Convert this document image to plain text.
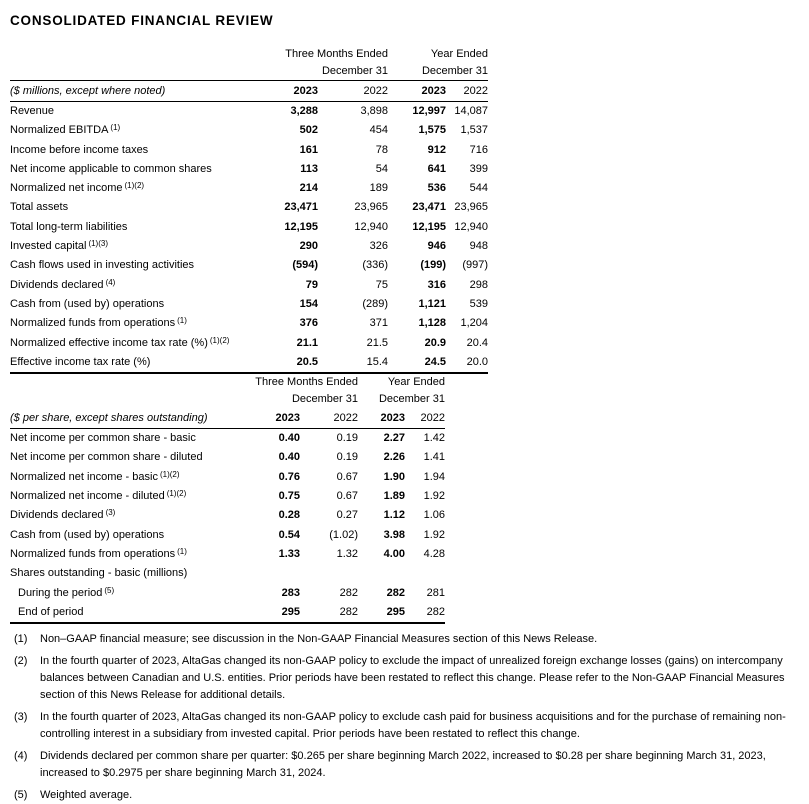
CONSOLIDATED FINANCIAL REVIEW
	Three Months Ended		Year Ended	
	December 31		December 31	
($ millions, except where noted)	2023	2022	2023	2022
Revenue	3,288	3,898	12,997	14,087
Normalized EBITDA $^{(1)}$	502	454	1,575	1,537
Income before income taxes	161	78	912	716
Net income applicable to common shares	113	54	641	399
Normalized net income $^{(1)(2)}$	214	189	536	544
Total assets	23,471	23,965	23,471	23,965
Total long-term liabilities	12,195	12,940	12,195	12,940
Invested capital $^{(1)(3)}$	290	326	946	948
Cash flows used in investing activities	(594)	(336)	(199)	(997)
Dividends declared $^{(4)}$	79	75	316	298
Cash from (used by) operations	154	(289)	1,121	539
Normalized funds from operations $^{(1)}$	376	371	1,128	1,204
Normalized effective income tax rate (%) $^{(1)(2)}$	21.1	21.5	20.9	20.4
Effective income tax rate (%)	20.5	15.4	24.5	20.0
	Three Months Ended		Year Ended	
	December 31		December 31	
($ per share, except shares outstanding)	2023	2022	2023	2022
Net income per common share - basic	0.40	0.19	2.27	1.42
Net income per common share - diluted	0.40	0.19	2.26	1.41
Normalized net income - basic $^{(1)(2)}$	0.76	0.67	1.90	1.94
Normalized net income - diluted $^{(1)(2)}$	0.75	0.67	1.89	1.92
Dividends declared $^{(3)}$	0.28	0.27	1.12	1.06
Cash from (used by) operations	0.54	(1.02)	3.98	1.92
Normalized funds from operations $^{(1)}$	1.33	1.32	4.00	4.28
Shares outstanding - basic (millions)				
During the period $^{(5)}$	283	282	282	281
End of period	295	282	295	282
(1)	Non–GAAP financial measure; see discussion in the Non-GAAP Financial Measures section of this News Release.
(2)	In the fourth quarter of 2023, AltaGas changed its non-GAAP policy to exclude the impact of unrealized foreign exchange losses (gains) on intercompany balances between Canadian and U.S. entities. Prior periods have been restated to reflect this change. Please refer to the Non-GAAP Financial Measures section of this News Release for additional details.
(3)	In the fourth quarter of 2023, AltaGas changed its non-GAAP policy to exclude cash paid for business acquisitions and for the purchase of remaining non-controlling interest in a subsidiary from invested capital. Prior periods have been restated to reflect this change.
(4)	Dividends declared per common share per quarter: $0.265 per share beginning March 2022, increased to $0.28 per share beginning March 31, 2023, increased to $0.2975 per share beginning March 31, 2024.
(5)	Weighted average.
